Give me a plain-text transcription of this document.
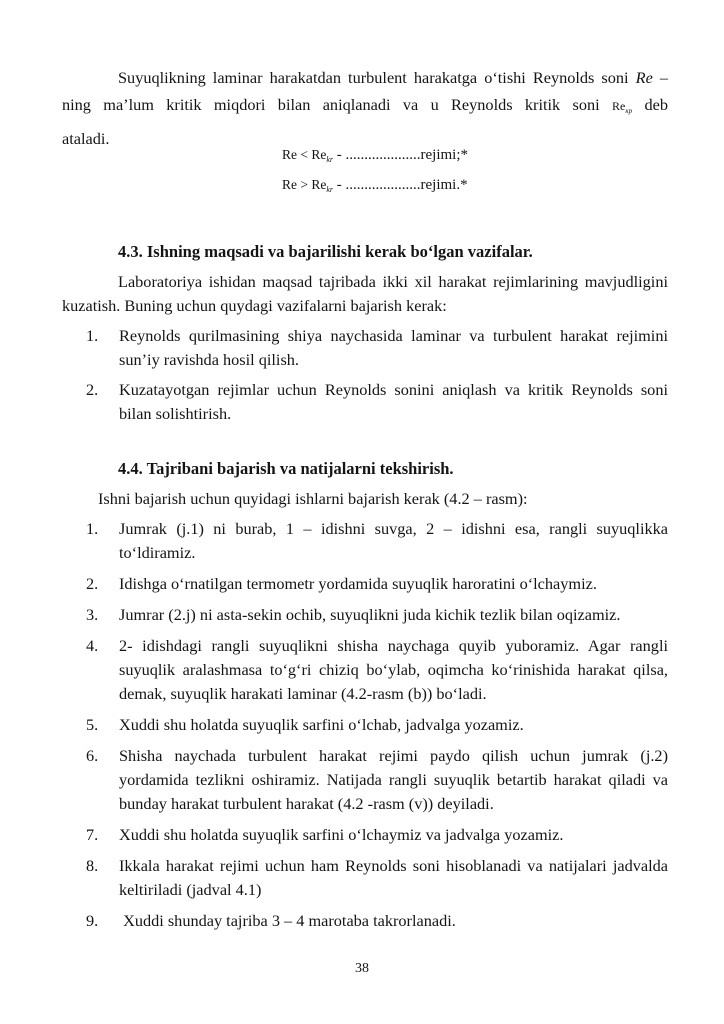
Suyuqlikning laminar harakatdan turbulent harakatga o‘tishi Reynolds soni Re –

ning ma’lum kritik miqdori bilan aniqlanadi va u Reynolds kritik soni $Re_{кр}$ deb

ataladi.

$Re < Re_{kr}$ - ....................rejimi;*
$Re > Re_{kr}$ - ....................rejimi.*
4.3. Ishning maqsadi va bajarilishi kerak bo‘lgan vazifalar.

Laboratoriya ishidan maqsad tajribada ikki xil harakat rejimlarining mavjudligini kuzatish. Buning uchun quydagi vazifalarni bajarish kerak:

1. Reynolds qurilmasining shiya naychasida laminar va turbulent harakat rejimini sun’iy ravishda hosil qilish.
2. Kuzatayotgan rejimlar uchun Reynolds sonini aniqlash va kritik Reynolds soni bilan solishtirish.
4.4. Tajribani bajarish va natijalarni tekshirish.

Ishni bajarish uchun quyidagi ishlarni bajarish kerak (4.2 – rasm):

1. Jumrak (j.1) ni burab, 1 – idishni suvga, 2 – idishni esa, rangli suyuqlikka to‘ldiramiz.
2. Idishga o‘rnatilgan termometr yordamida suyuqlik haroratini o‘lchaymiz.
3. Jumrar (2.j) ni asta-sekin ochib, suyuqlikni juda kichik tezlik bilan oqizamiz.
4. 2- idishdagi rangli suyuqlikni shisha naychaga quyib yuboramiz. Agar rangli suyuqlik aralashmasa to‘g‘ri chiziq bo‘ylab, oqimcha ko‘rinishida harakat qilsa, demak, suyuqlik harakati laminar (4.2-rasm (b)) bo‘ladi.
5. Xuddi shu holatda suyuqlik sarfini o‘lchab, jadvalga yozamiz.
6. Shisha naychada turbulent harakat rejimi paydo qilish uchun jumrak (j.2) yordamida tezlikni oshiramiz. Natijada rangli suyuqlik betartib harakat qiladi va bunday harakat turbulent harakat (4.2 -rasm (v)) deyiladi.
7. Xuddi shu holatda suyuqlik sarfini o‘lchaymiz va jadvalga yozamiz.
8. Ikkala harakat rejimi uchun ham Reynolds soni hisoblanadi va natijalari jadvalda keltiriladi (jadval 4.1)
9. Xuddi shunday tajriba 3 – 4 marotaba takrorlanadi.
38
